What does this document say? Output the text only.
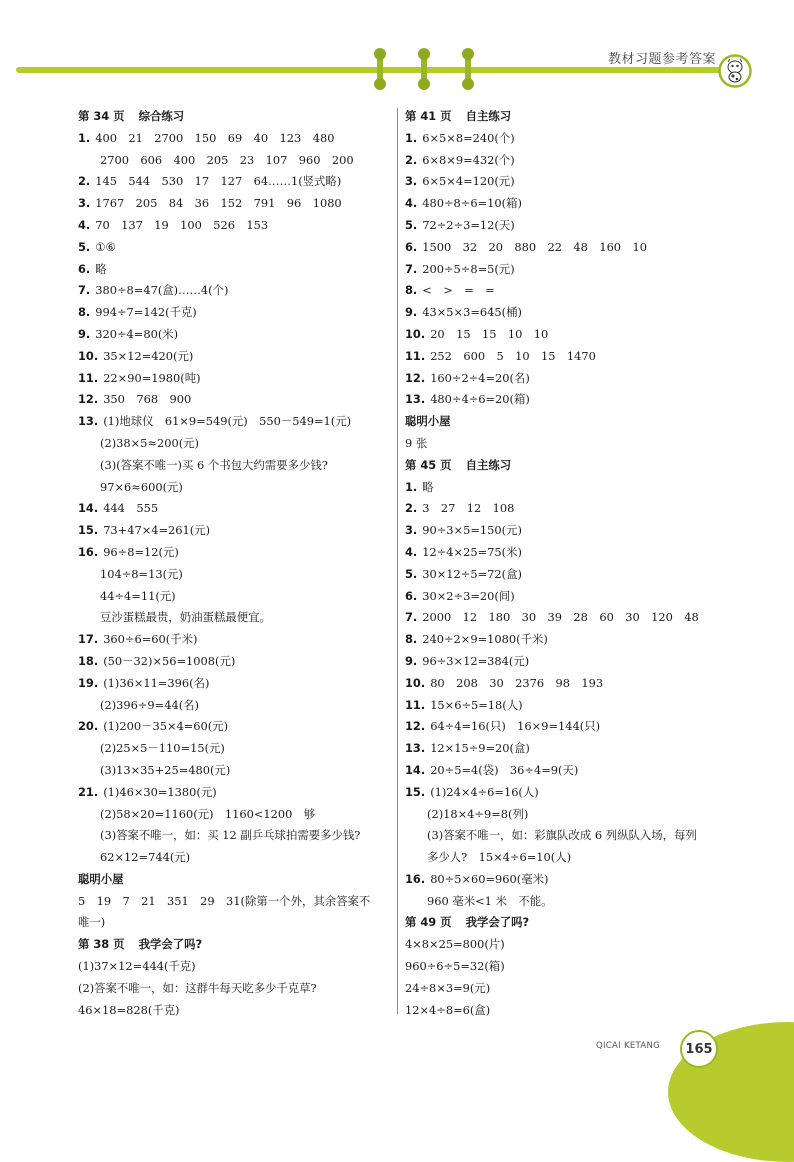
教材习题参考答案
第 34 页 综合练习
1. 400　21　2700　150　69　40　123　480
2700　606　400　205　23　107　960　200
2. 145　544　530　17　127　64……1(竖式略)
3. 1767　205　84　36　152　791　96　1080
4. 70　137　19　100　526　153
5. ①⑥
6. 略
7. 380÷8=47(盒)……4(个)
8. 994÷7=142(千克)
9. 320÷4=80(米)
10. 35×12=420(元)
11. 22×90=1980(吨)
12. 350　768　900
13. (1)地球仪　61×9=549(元)　550－549=1(元)
(2)38×5≈200(元)
(3)(答案不唯一)买 6 个书包大约需要多少钱?
97×6≈600(元)
14. 444　555
15. 73+47×4=261(元)
16. 96÷8=12(元)
104÷8=13(元)
44÷4=11(元)
豆沙蛋糕最贵，奶油蛋糕最便宜。
17. 360÷6=60(千米)
18. (50－32)×56=1008(元)
19. (1)36×11=396(名)
(2)396÷9=44(名)
20. (1)200－35×4=60(元)
(2)25×5－110=15(元)
(3)13×35+25=480(元)
21. (1)46×30=1380(元)
(2)58×20=1160(元)　1160<1200　够
(3)答案不唯一，如：买 12 副乒乓球拍需要多少钱?
62×12=744(元)
聪明小屋
5　19　7　21　351　29　31(除第一个外，其余答案不
唯一)
第 38 页 我学会了吗?
(1)37×12=444(千克)
(2)答案不唯一，如：这群牛每天吃多少千克草?
46×18=828(千克)
第 41 页 自主练习
1. 6×5×8=240(个)
2. 6×8×9=432(个)
3. 6×5×4=120(元)
4. 480÷8÷6=10(箱)
5. 72÷2÷3=12(天)
6. 1500　32　20　880　22　48　160　10
7. 200÷5÷8=5(元)
8. <　>　=　=
9. 43×5×3=645(桶)
10. 20　15　15　10　10
11. 252　600　5　10　15　1470
12. 160÷2÷4=20(名)
13. 480÷4÷6=20(箱)
聪明小屋
9 张
第 45 页 自主练习
1. 略
2. 3　27　12　108
3. 90÷3×5=150(元)
4. 12÷4×25=75(米)
5. 30×12÷5=72(盒)
6. 30×2÷3=20(间)
7. 2000　12　180　30　39　28　60　30　120　48
8. 240÷2×9=1080(千米)
9. 96÷3×12=384(元)
10. 80　208　30　2376　98　193
11. 15×6÷5=18(人)
12. 64÷4=16(只)　16×9=144(只)
13. 12×15÷9=20(盒)
14. 20÷5=4(袋)　36÷4=9(天)
15. (1)24×4÷6=16(人)
(2)18×4÷9=8(列)
(3)答案不唯一，如：彩旗队改成 6 列纵队入场，每列
多少人?　15×4÷6=10(人)
16. 80÷5×60=960(毫米)
960 毫米<1 米　不能。
第 49 页 我学会了吗?
4×8×25=800(片)
960÷6÷5=32(箱)
24÷8×3=9(元)
12×4÷8=6(盒)
QICAI KETANG	165
